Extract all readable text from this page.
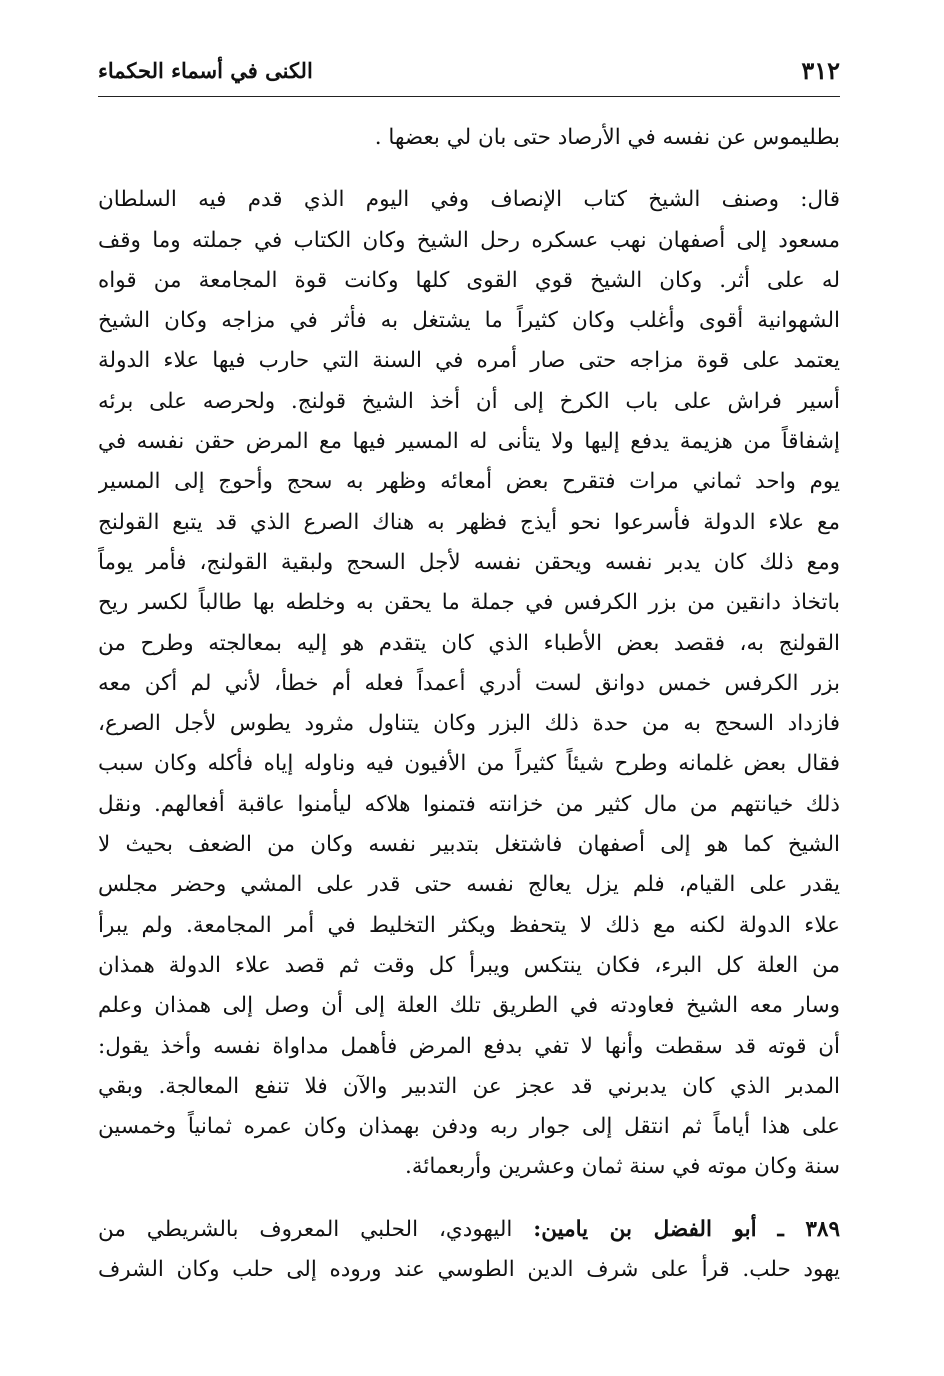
٣١٢
الكنى في أسماء الحكماء
بطليموس عن نفسه في الأرصاد حتى بان لي بعضها .
قال: وصنف الشيخ كتاب الإنصاف وفي اليوم الذي قدم فيه السلطان
مسعود إلى أصفهان نهب عسكره رحل الشيخ وكان الكتاب في جملته وما وقف
له على أثر. وكان الشيخ قوي القوى كلها وكانت قوة المجامعة من قواه
الشهوانية أقوى وأغلب وكان كثيراً ما يشتغل به فأثر في مزاجه وكان الشيخ
يعتمد على قوة مزاجه حتى صار أمره في السنة التي حارب فيها علاء الدولة
أسير فراش على باب الكرخ إلى أن أخذ الشيخ قولنج. ولحرصه على برئه
إشفاقاً من هزيمة يدفع إليها ولا يتأنى له المسير فيها مع المرض حقن نفسه في
يوم واحد ثماني مرات فتقرح بعض أمعائه وظهر به سحج وأحوج إلى المسير
مع علاء الدولة فأسرعوا نحو أيذج فظهر به هناك الصرع الذي قد يتبع القولنج
ومع ذلك كان يدبر نفسه ويحقن نفسه لأجل السحج ولبقية القولنج، فأمر يوماً
باتخاذ دانقين من بزر الكرفس في جملة ما يحقن به وخلطه بها طالباً لكسر ريح
القولنج به، فقصد بعض الأطباء الذي كان يتقدم هو إليه بمعالجته وطرح من
بزر الكرفس خمس دوانق لست أدري أعمداً فعله أم خطأ، لأني لم أكن معه
فازداد السحج به من حدة ذلك البزر وكان يتناول مثرود يطوس لأجل الصرع،
فقال بعض غلمانه وطرح شيئاً كثيراً من الأفيون فيه وناوله إياه فأكله وكان سبب
ذلك خيانتهم من مال كثير من خزانته فتمنوا هلاكه ليأمنوا عاقبة أفعالهم. ونقل
الشيخ كما هو إلى أصفهان فاشتغل بتدبير نفسه وكان من الضعف بحيث لا
يقدر على القيام، فلم يزل يعالج نفسه حتى قدر على المشي وحضر مجلس
علاء الدولة لكنه مع ذلك لا يتحفظ ويكثر التخليط في أمر المجامعة. ولم يبرأ
من العلة كل البرء، فكان ينتكس ويبرأ كل وقت ثم قصد علاء الدولة همذان
وسار معه الشيخ فعاودته في الطريق تلك العلة إلى أن وصل إلى همذان وعلم
أن قوته قد سقطت وأنها لا تفي بدفع المرض فأهمل مداواة نفسه وأخذ يقول:
المدبر الذي كان يدبرني قد عجز عن التدبير والآن فلا تنفع المعالجة. وبقي
على هذا أياماً ثم انتقل إلى جوار ربه ودفن بهمذان وكان عمره ثمانياً وخمسين
سنة وكان موته في سنة ثمان وعشرين وأربعمائة.
٣٨٩ ـ أبو الفضل بن يامين: اليهودي، الحلبي المعروف بالشريطي من
يهود حلب. قرأ على شرف الدين الطوسي عند وروده إلى حلب وكان الشرف
